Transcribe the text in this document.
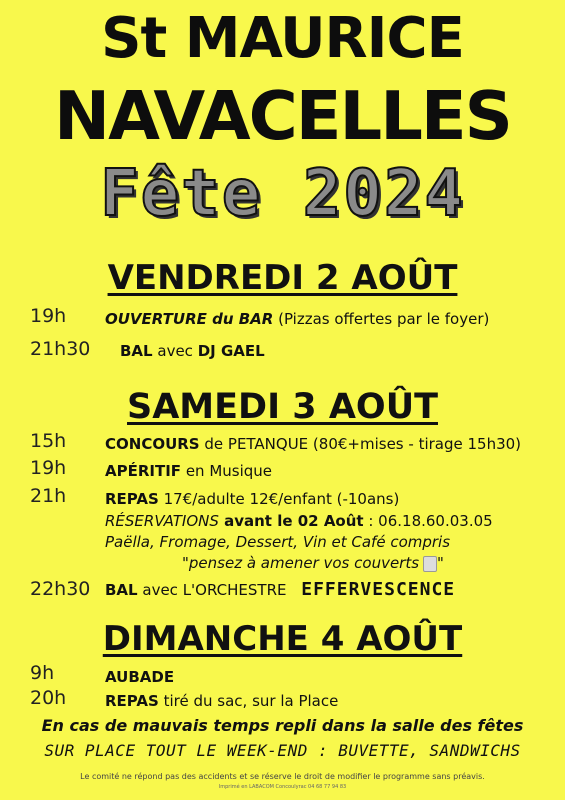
St MAURICE
NAVACELLES
Fête 2024
VENDREDI 2 AOÛT
19h	OUVERTURE du BAR (Pizzas offertes par le foyer)
21h30 BAL avec DJ GAEL
SAMEDI 3 AOÛT
15h	CONCOURS de PETANQUE (80€+mises - tirage 15h30)
19h	APÉRITIF en Musique
21h	REPAS 17€/adulte 12€/enfant (-10ans)
RÉSERVATIONS avant le 02 Août : 06.18.60.03.05
Paëlla, Fromage, Dessert, Vin et Café compris
"pensez à amener vos couverts "
22h30 BAL avec L'ORCHESTRE EFFERVESCENCE
DIMANCHE 4 AOÛT
9h	AUBADE
20h	REPAS tiré du sac, sur la Place
En cas de mauvais temps repli dans la salle des fêtes
SUR PLACE TOUT LE WEEK-END : BUVETTE, SANDWICHS
Le comité ne répond pas des accidents et se réserve le droit de modifier le programme sans préavis.
Imprimé en LABACOM Concoulyrac 04 68 77 94 83
